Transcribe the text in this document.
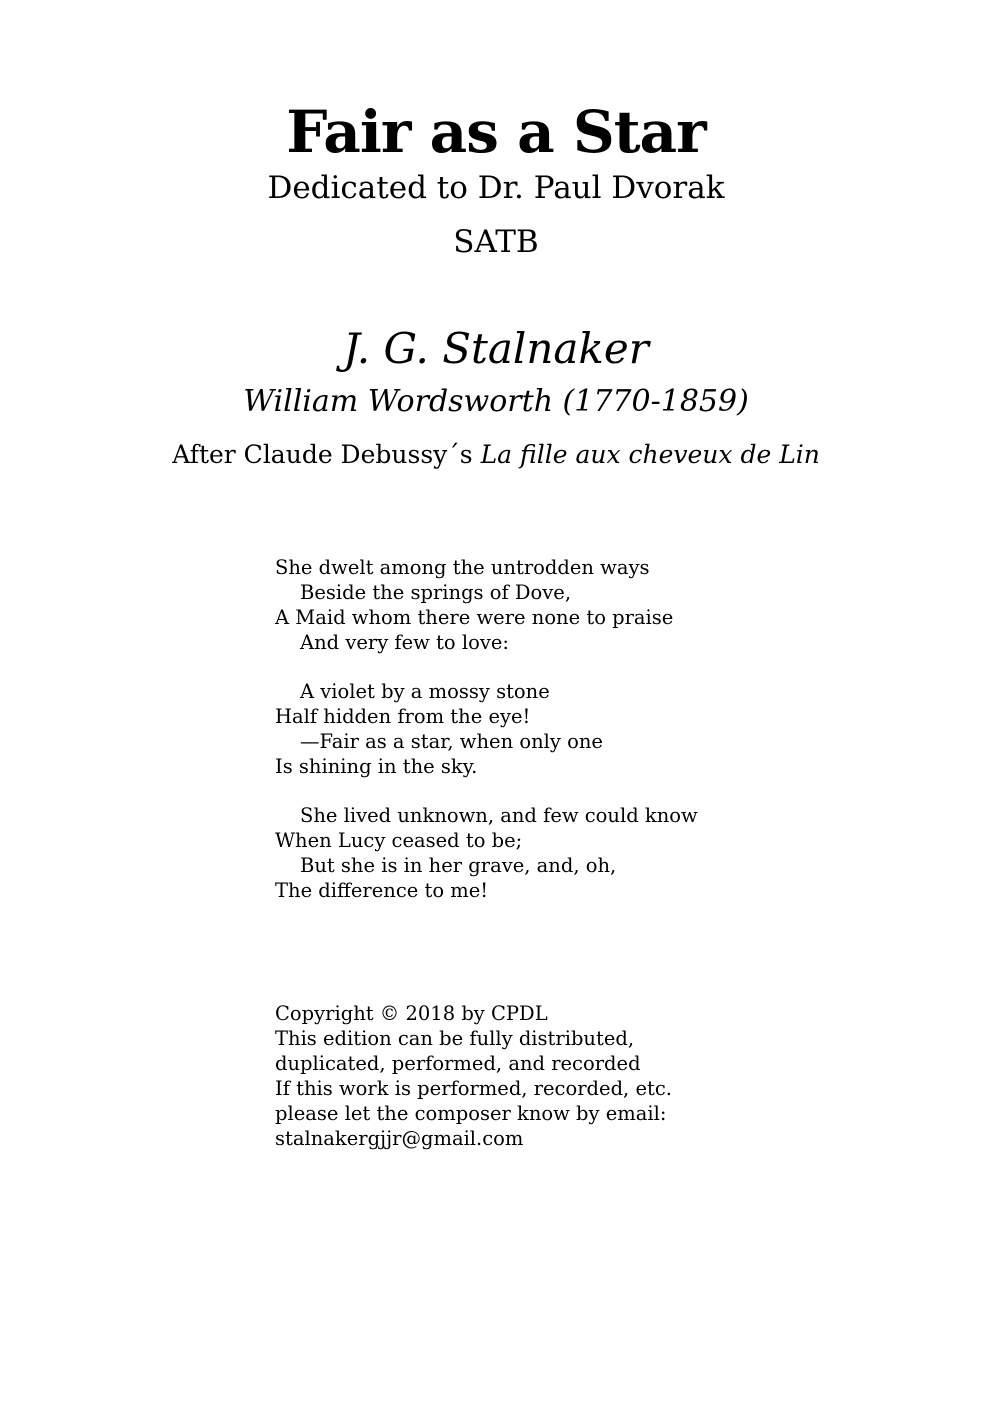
Fair as a Star
Dedicated to Dr. Paul Dvorak
SATB
J. G. Stalnaker
William Wordsworth (1770-1859)
After Claude Debussy´s La fille aux cheveux de Lin
She dwelt among the untrodden ways
Beside the springs of Dove,
A Maid whom there were none to praise
And very few to love:
A violet by a mossy stone
Half hidden from the eye!
—Fair as a star, when only one
Is shining in the sky.
She lived unknown, and few could know
When Lucy ceased to be;
But she is in her grave, and, oh,
The difference to me!
Copyright © 2018 by CPDL
This edition can be fully distributed,
duplicated, performed, and recorded
If this work is performed, recorded, etc.
please let the composer know by email:
stalnakergjjr@gmail.com
